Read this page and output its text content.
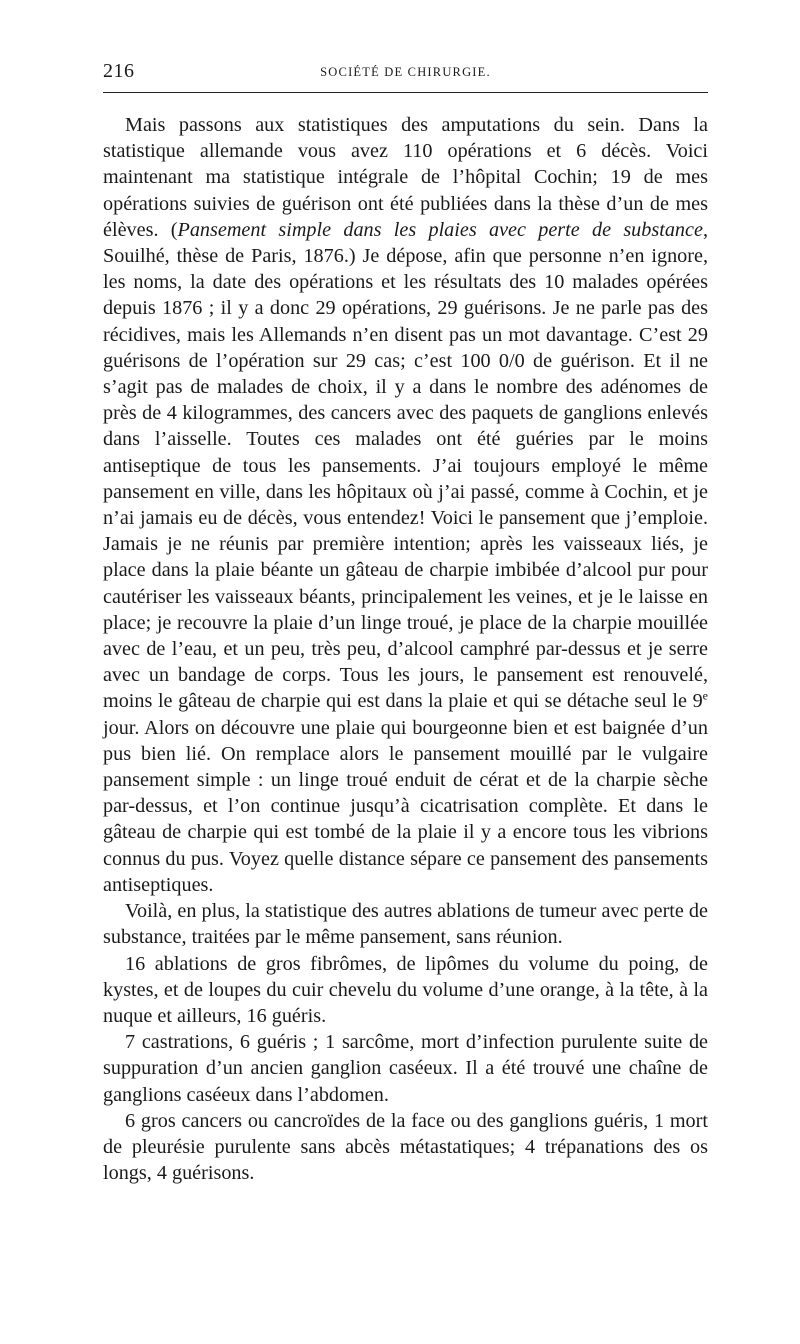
216	SOCIÉTÉ DE CHIRURGIE.

Mais passons aux statistiques des amputations du sein. Dans la statistique allemande vous avez 110 opérations et 6 décès. Voici maintenant ma statistique intégrale de l’hôpital Cochin; 19 de mes opérations suivies de guérison ont été publiées dans la thèse d’un de mes élèves. (Pansement simple dans les plaies avec perte de substance, Souilhé, thèse de Paris, 1876.) Je dépose, afin que personne n’en ignore, les noms, la date des opérations et les résultats des 10 malades opérées depuis 1876 ; il y a donc 29 opérations, 29 guérisons. Je ne parle pas des récidives, mais les Allemands n’en disent pas un mot davantage. C’est 29 guérisons de l’opération sur 29 cas; c’est 100 0/0 de guérison. Et il ne s’agit pas de malades de choix, il y a dans le nombre des adénomes de près de 4 kilogrammes, des cancers avec des paquets de ganglions enlevés dans l’aisselle. Toutes ces malades ont été guéries par le moins antiseptique de tous les pansements. J’ai toujours employé le même pansement en ville, dans les hôpitaux où j’ai passé, comme à Cochin, et je n’ai jamais eu de décès, vous entendez! Voici le pansement que j’emploie. Jamais je ne réunis par première intention; après les vaisseaux liés, je place dans la plaie béante un gâteau de charpie imbibée d’alcool pur pour cautériser les vaisseaux béants, principalement les veines, et je le laisse en place; je recouvre la plaie d’un linge troué, je place de la charpie mouillée avec de l’eau, et un peu, très peu, d’alcool camphré par-dessus et je serre avec un bandage de corps. Tous les jours, le pansement est renouvelé, moins le gâteau de charpie qui est dans la plaie et qui se détache seul le 9e jour. Alors on découvre une plaie qui bourgeonne bien et est baignée d’un pus bien lié. On remplace alors le pansement mouillé par le vulgaire pansement simple : un linge troué enduit de cérat et de la charpie sèche par-dessus, et l’on continue jusqu’à cicatrisation complète. Et dans le gâteau de charpie qui est tombé de la plaie il y a encore tous les vibrions connus du pus. Voyez quelle distance sépare ce pansement des pansements antiseptiques.

Voilà, en plus, la statistique des autres ablations de tumeur avec perte de substance, traitées par le même pansement, sans réunion.

16 ablations de gros fibrômes, de lipômes du volume du poing, de kystes, et de loupes du cuir chevelu du volume d’une orange, à la tête, à la nuque et ailleurs, 16 guéris.

7 castrations, 6 guéris ; 1 sarcôme, mort d’infection purulente suite de suppuration d’un ancien ganglion caséeux. Il a été trouvé une chaîne de ganglions caséeux dans l’abdomen.

6 gros cancers ou cancroïdes de la face ou des ganglions guéris, 1 mort de pleurésie purulente sans abcès métastatiques; 4 trépanations des os longs, 4 guérisons.
